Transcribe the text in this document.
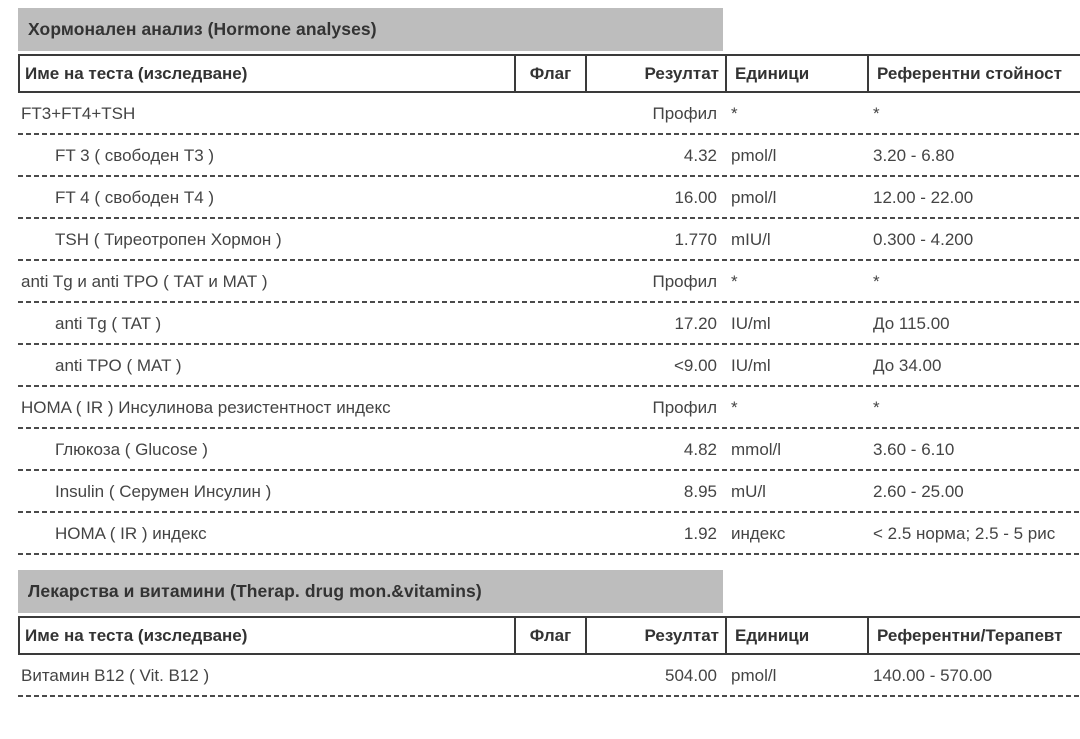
Хормонален анализ (Hormone analyses)
Име на теста (изследване)	Флаг	Резултат Единици	Референтни стойност
FT3+FT4+TSH	Профил *	*
FT 3 ( свободен Т3 )	4.32 pmol/l	3.20 - 6.80
FT 4 ( свободен Т4 )	16.00 pmol/l	12.00 - 22.00
TSH ( Тиреотропен Хормон )	1.770 mIU/l	0.300 - 4.200
anti Tg и anti TPO ( ТАТ и МАТ )	Профил *	*
anti Tg ( TAT )	17.20 IU/ml	До 115.00
anti TPO ( MAT )	<9.00 IU/ml	До 34.00
HOMA ( IR ) Инсулинова резистентност индекс	Профил *	*
Глюкоза ( Glucose )	4.82 mmol/l	3.60 - 6.10
Insulin ( Серумен Инсулин )	8.95 mU/l	2.60 - 25.00
HOMA ( IR ) индекс	1.92 индекс	< 2.5 норма; 2.5 - 5 рис
Лекарства и витамини (Therap. drug mon.&vitamins)
Име на теста (изследване)	Флаг	Резултат Единици	Референтни/Терапевт
Витамин В12 ( Vit. B12 )	504.00 pmol/l	140.00 - 570.00
